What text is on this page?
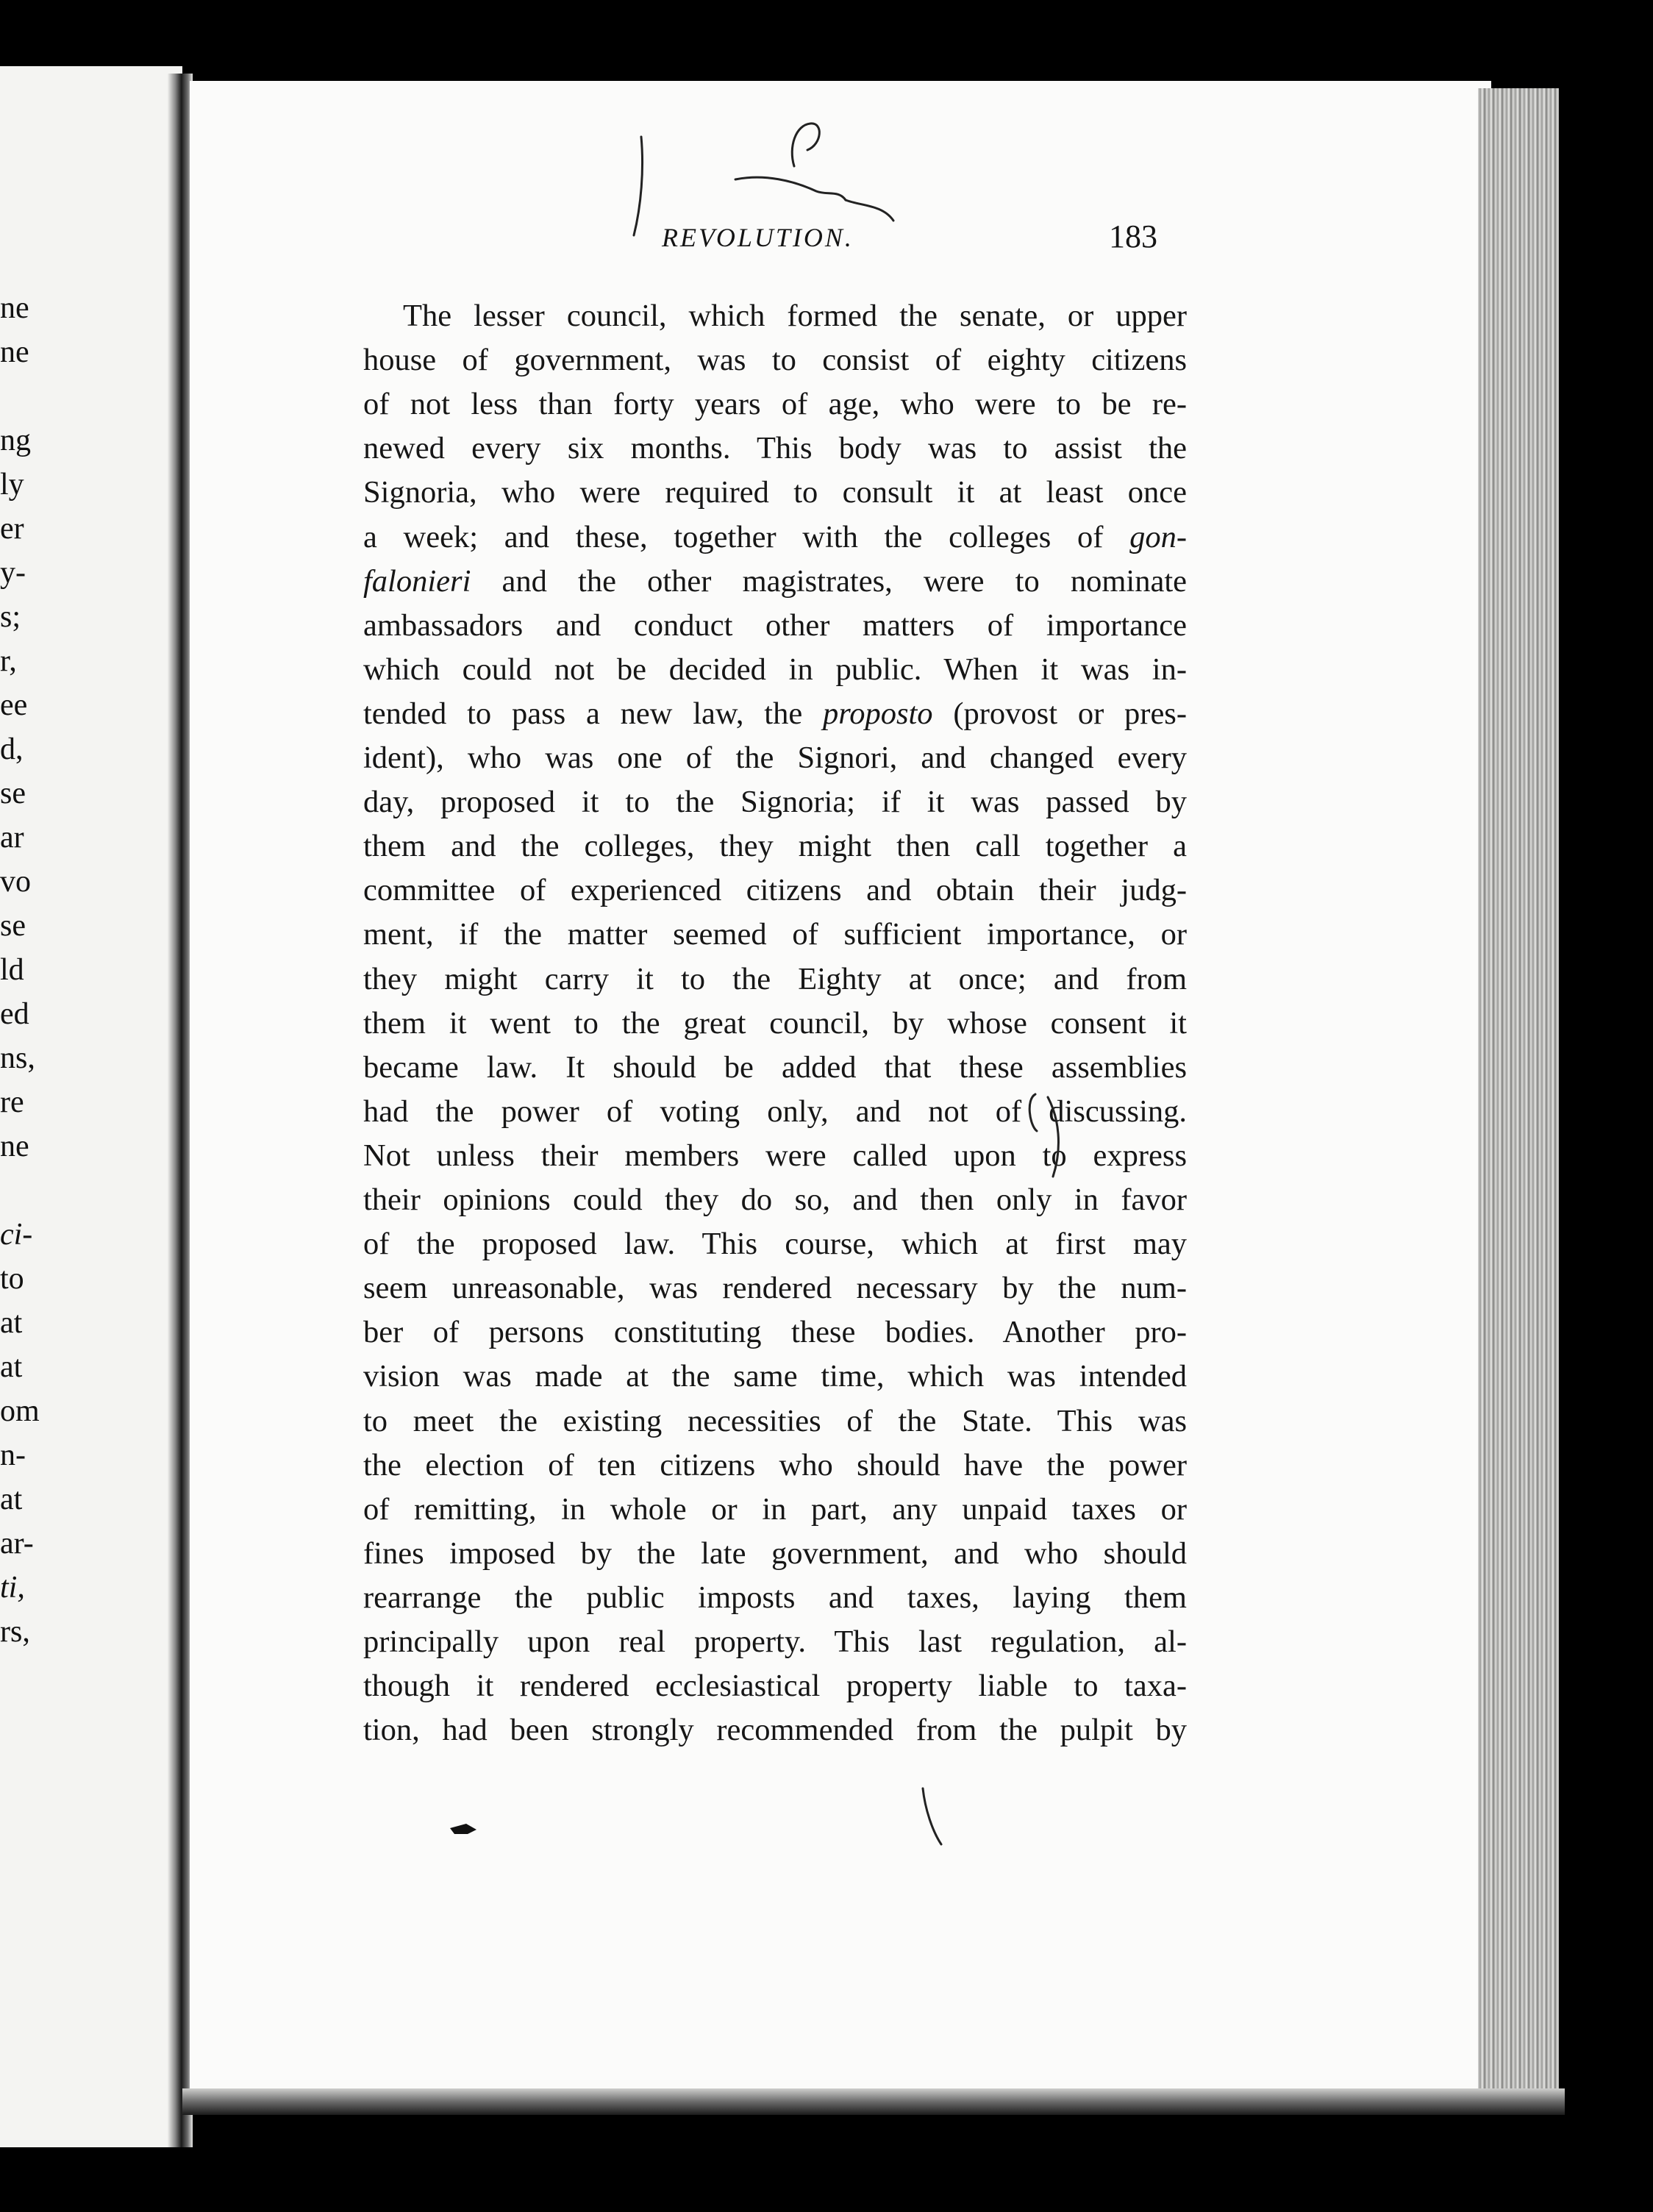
ne
ne
ng
ly
er
y-
s;
r,
ee
d,
se
ar
vo
se
ld
ed
ns,
re
ne
ci-
to
at
at
om
n-
at
ar-
ti,
rs,
REVOLUTION.	183
The lesser council, which formed the senate, or upper
house of government, was to consist of eighty citizens
of not less than forty years of age, who were to be re-
newed every six months. This body was to assist the
Signoria, who were required to consult it at least once
a week; and these, together with the colleges of gon-
falonieri and the other magistrates, were to nominate
ambassadors and conduct other matters of importance
which could not be decided in public. When it was in-
tended to pass a new law, the proposto (provost or pres-
ident), who was one of the Signori, and changed every
day, proposed it to the Signoria; if it was passed by
them and the colleges, they might then call together a
committee of experienced citizens and obtain their judg-
ment, if the matter seemed of sufficient importance, or
they might carry it to the Eighty at once; and from
them it went to the great council, by whose consent it
became law. It should be added that these assemblies
had the power of voting only, and not of discussing.
Not unless their members were called upon to express
their opinions could they do so, and then only in favor
of the proposed law. This course, which at first may
seem unreasonable, was rendered necessary by the num-
ber of persons constituting these bodies. Another pro-
vision was made at the same time, which was intended
to meet the existing necessities of the State. This was
the election of ten citizens who should have the power
of remitting, in whole or in part, any unpaid taxes or
fines imposed by the late government, and who should
rearrange the public imposts and taxes, laying them
principally upon real property. This last regulation, al-
though it rendered ecclesiastical property liable to taxa-
tion, had been strongly recommended from the pulpit by
